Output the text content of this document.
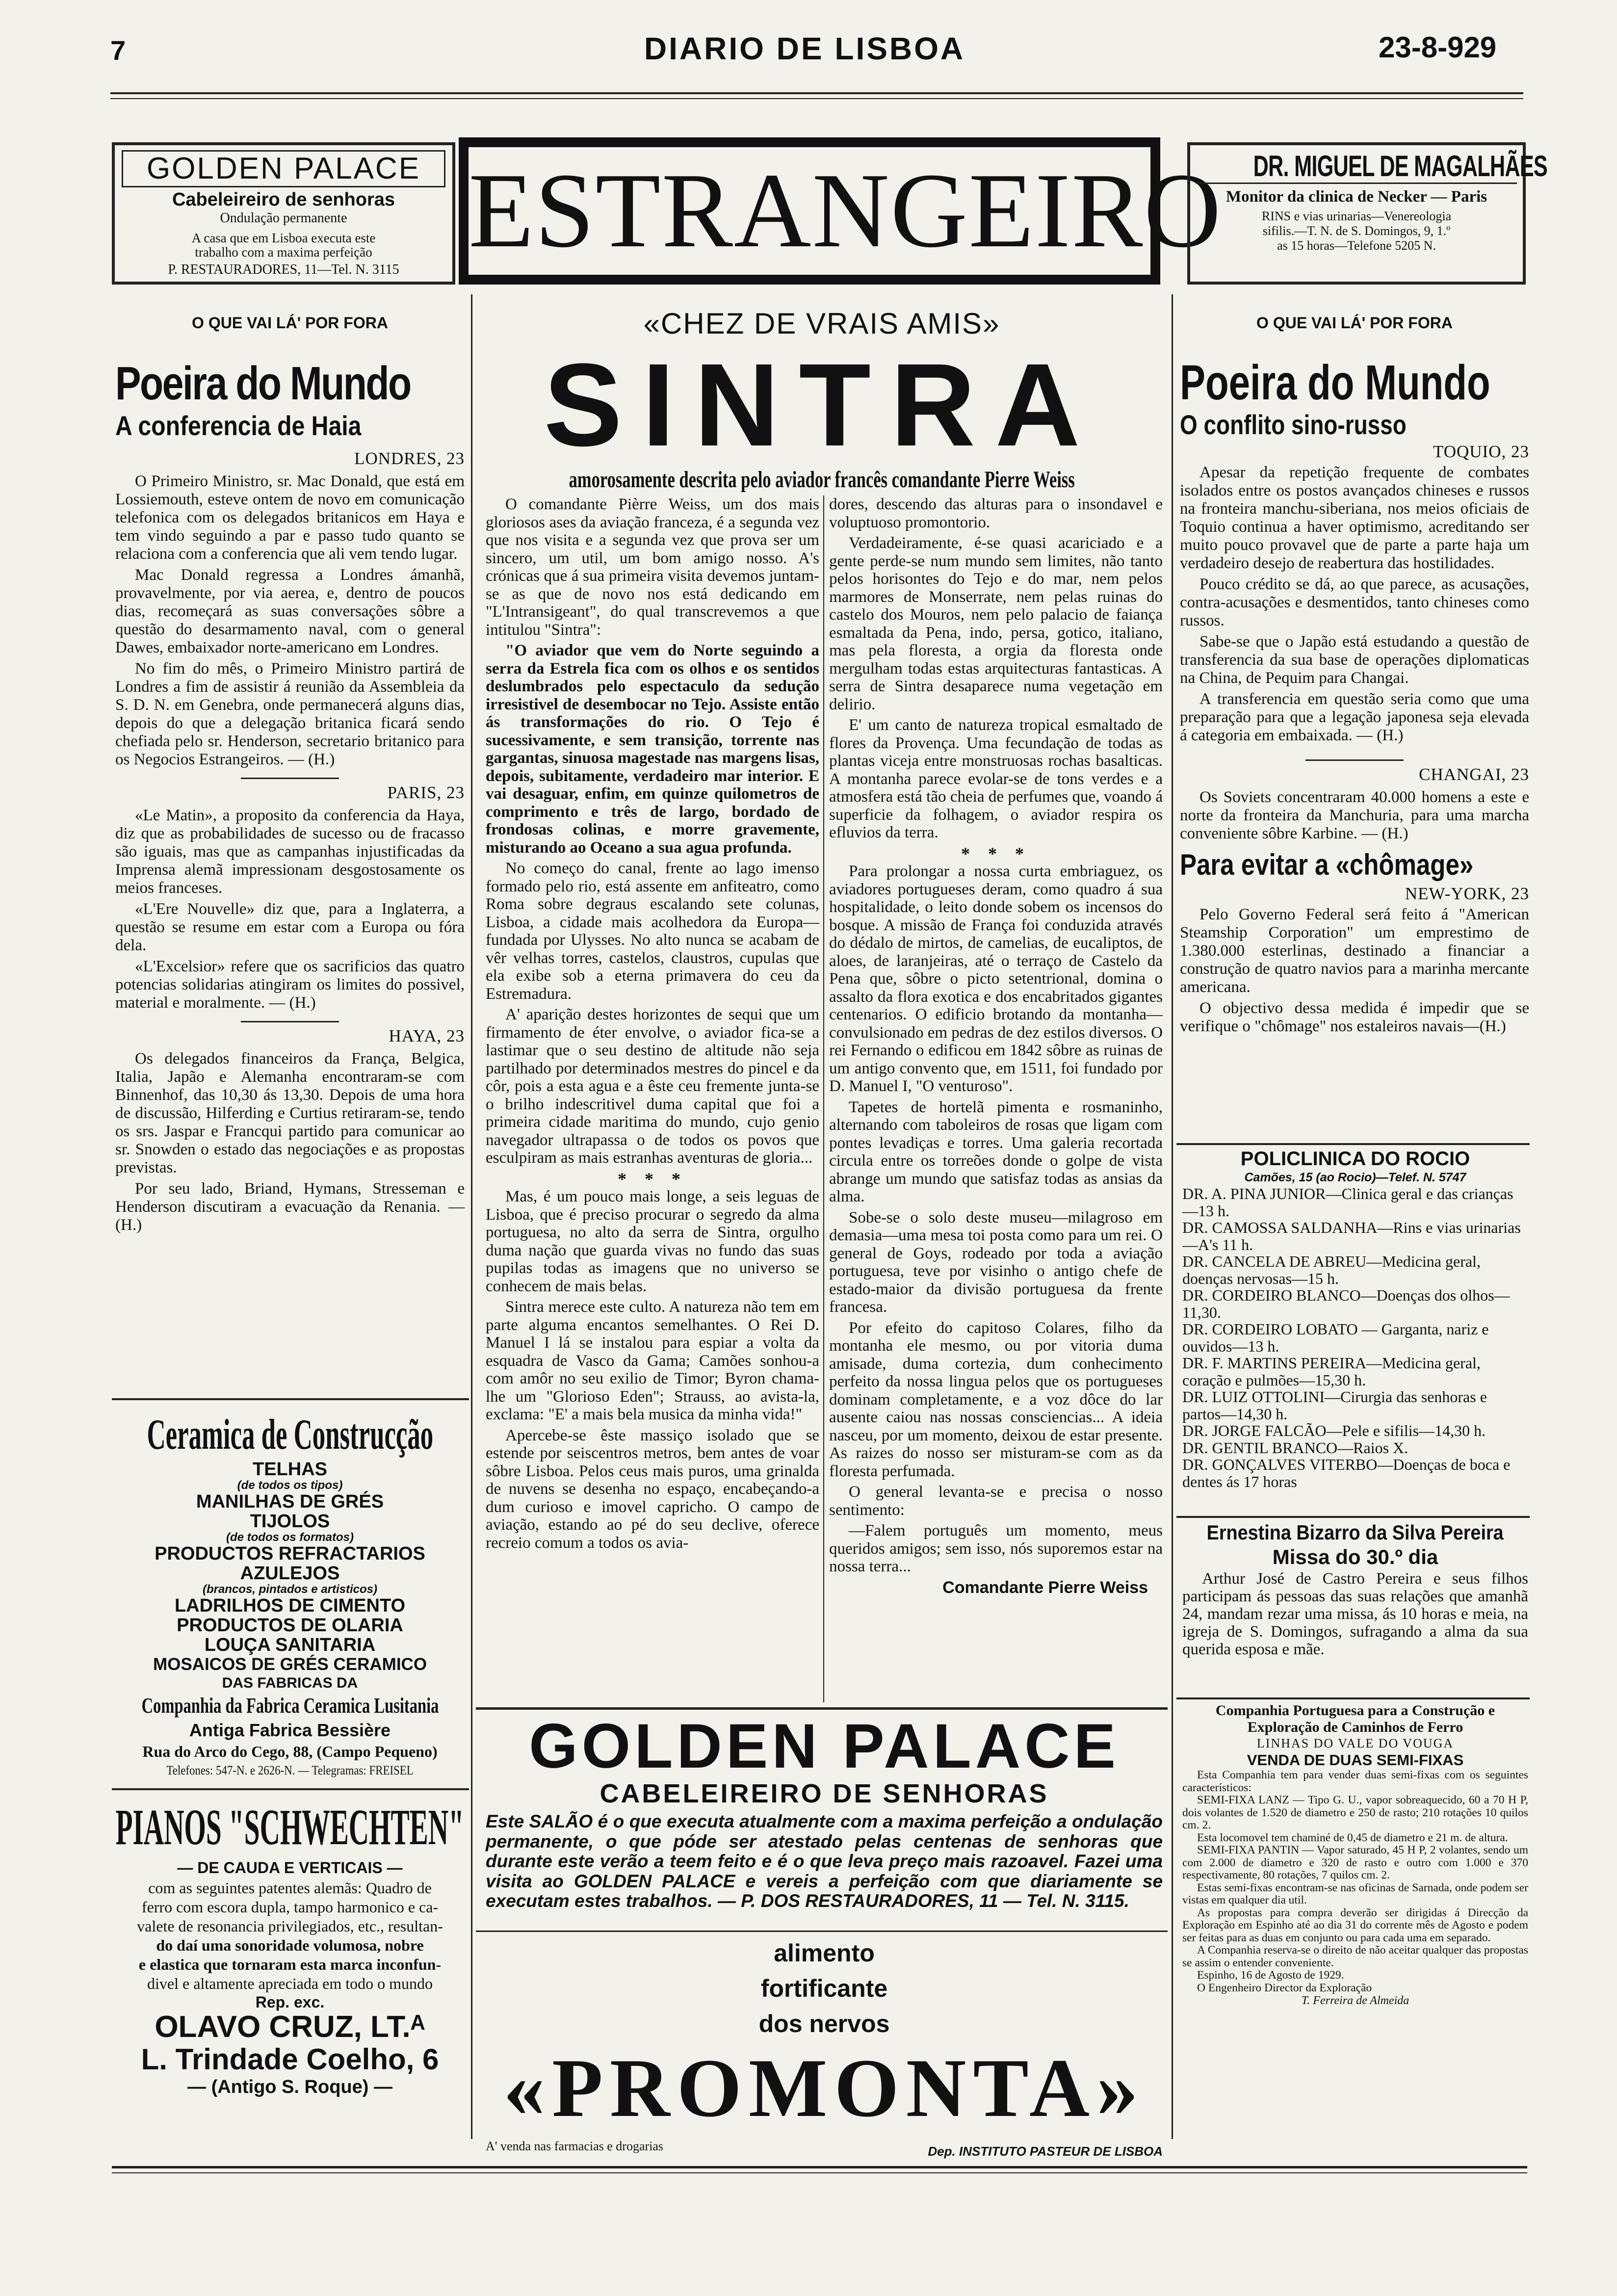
7	DIARIO DE LISBOA	23-8-929
GOLDEN PALACE
Cabeleireiro de senhoras
Ondulação permanente
A casa que em Lisboa executa este
trabalho com a maxima perfeição
P. RESTAURADORES, 11—Tel. N. 3115 ESTRANGEIRO	DR. MIGUEL DE MAGALHÃES
Monitor da clinica de Necker — Paris
RINS e vias urinarias—Venereologia
sifilis.—T. N. de S. Domingos, 9, 1.º
as 15 horas—Telefone 5205 N.
O QUE VAI LÁ' POR FORA
Poeira do Mundo
A conferencia de Haia
LONDRES, 23

O Primeiro Ministro, sr. Mac Donald, que está em Lossiemouth, esteve ontem de novo em comunicação telefonica com os delegados britanicos em Haya e tem vindo seguindo a par e passo tudo quanto se relaciona com a conferencia que ali vem tendo lugar.

Mac Donald regressa a Londres ámanhã, provavelmente, por via aerea, e, dentro de poucos dias, recomeçará as suas conversações sôbre a questão do desarmamento naval, com o general Dawes, embaixador norte-americano em Londres.

No fim do mês, o Primeiro Ministro partirá de Londres a fim de assistir á reunião da Assembleia da S. D. N. em Genebra, onde permanecerá alguns dias, depois do que a delegação britanica ficará sendo chefiada pelo sr. Henderson, secretario britanico para os Negocios Estrangeiros. — (H.)

PARIS, 23

«Le Matin», a proposito da conferencia da Haya, diz que as probabilidades de sucesso ou de fracasso são iguais, mas que as campanhas injustificadas da Imprensa alemã impressionam desgostosamente os meios franceses.

«L'Ere Nouvelle» diz que, para a Inglaterra, a questão se resume em estar com a Europa ou fóra dela.

«L'Excelsior» refere que os sacrificios das quatro potencias solidarias atingiram os limites do possivel, material e moralmente. — (H.)

HAYA, 23

Os delegados financeiros da França, Belgica, Italia, Japão e Alemanha encontraram-se com Binnenhof, das 10,30 ás 13,30. Depois de uma hora de discussão, Hilferding e Curtius retiraram-se, tendo os srs. Jaspar e Francqui partido para comunicar ao sr. Snowden o estado das negociações e as propostas previstas.

Por seu lado, Briand, Hymans, Stresseman e Henderson discutiram a evacuação da Renania. — (H.)

Ceramica de Construcção
TELHAS
(de todos os tipos)
MANILHAS DE GRÉS
TIJOLOS
(de todos os formatos)
PRODUCTOS REFRACTARIOS
AZULEJOS
(brancos, pintados e artisticos)
LADRILHOS DE CIMENTO
PRODUCTOS DE OLARIA
LOUÇA SANITARIA
MOSAICOS DE GRÉS CERAMICO
DAS FABRICAS DA
Companhia da Fabrica Ceramica Lusitania
Antiga Fabrica Bessière
Rua do Arco do Cego, 88, (Campo Pequeno)
Telefones: 547-N. e 2626-N. — Telegramas: FREISEL
PIANOS "SCHWECHTEN"
— DE CAUDA E VERTICAIS —
com as seguintes patentes alemãs: Quadro de
ferro com escora dupla, tampo harmonico e ca-
valete de resonancia privilegiados, etc., resultan-
do daí uma sonoridade volumosa, nobre
e elastica que tornaram esta marca inconfun-
divel e altamente apreciada em todo o mundo
Rep. exc.
OLAVO CRUZ, LT.ᴬ
L. Trindade Coelho, 6
— (Antigo S. Roque) —
«CHEZ DE VRAIS AMIS»
SINTRA
amorosamente descrita pelo aviador francês comandante Pierre Weiss

O comandante Pièrre Weiss, um dos mais gloriosos ases da aviação franceza, é a segunda vez que nos visita e a segunda vez que prova ser um sincero, um util, um bom amigo nosso. A's crónicas que á sua primeira visita devemos juntam-se as que de novo nos está dedicando em "L'Intransigeant", do qual transcrevemos a que intitulou "Sintra":

"O aviador que vem do Norte seguindo a serra da Estrela fica com os olhos e os sentidos deslumbrados pelo espectaculo da sedução irresistivel de desembocar no Tejo. Assiste então ás transformações do rio. O Tejo é sucessivamente, e sem transição, torrente nas gargantas, sinuosa magestade nas margens lisas, depois, subitamente, verdadeiro mar interior. E vai desaguar, enfim, em quinze quilometros de comprimento e três de largo, bordado de frondosas colinas, e morre gravemente, misturando ao Oceano a sua agua profunda.

No começo do canal, frente ao lago imenso formado pelo rio, está assente em anfiteatro, como Roma sobre degraus escalando sete colunas, Lisboa, a cidade mais acolhedora da Europa—fundada por Ulysses. No alto nunca se acabam de vêr velhas torres, castelos, claustros, cupulas que ela exibe sob a eterna primavera do ceu da Estremadura.

A' aparição destes horizontes de sequi que um firmamento de éter envolve, o aviador fica-se a lastimar que o seu destino de altitude não seja partilhado por determinados mestres do pincel e da côr, pois a esta agua e a êste ceu fremente junta-se o brilho indescritivel duma capital que foi a primeira cidade maritima do mundo, cujo genio navegador ultrapassa o de todos os povos que esculpiram as mais estranhas aventuras de gloria...

* * *

Mas, é um pouco mais longe, a seis leguas de Lisboa, que é preciso procurar o segredo da alma portuguesa, no alto da serra de Sintra, orgulho duma nação que guarda vivas no fundo das suas pupilas todas as imagens que no universo se conhecem de mais belas.

Sintra merece este culto. A natureza não tem em parte alguma encantos semelhantes. O Rei D. Manuel I lá se instalou para espiar a volta da esquadra de Vasco da Gama; Camões sonhou-a com amôr no seu exilio de Timor; Byron chama-lhe um "Glorioso Eden"; Strauss, ao avista-la, exclama: "E' a mais bela musica da minha vida!"

Apercebe-se êste massiço isolado que se estende por seiscentros metros, bem antes de voar sôbre Lisboa. Pelos ceus mais puros, uma grinalda de nuvens se desenha no espaço, encabeçando-a dum curioso e imovel capricho. O campo de aviação, estando ao pé do seu declive, oferece recreio comum a todos os avia-

dores, descendo das alturas para o insondavel e voluptuoso promontorio.

Verdadeiramente, é-se quasi acariciado e a gente perde-se num mundo sem limites, não tanto pelos horisontes do Tejo e do mar, nem pelos marmores de Monserrate, nem pelas ruinas do castelo dos Mouros, nem pelo palacio de faiança esmaltada da Pena, indo, persa, gotico, italiano, mas pela floresta, a orgia da floresta onde mergulham todas estas arquitecturas fantasticas. A serra de Sintra desaparece numa vegetação em delirio.

E' um canto de natureza tropical esmaltado de flores da Provença. Uma fecundação de todas as plantas viceja entre monstruosas rochas basalticas. A montanha parece evolar-se de tons verdes e a atmosfera está tão cheia de perfumes que, voando á superficie da folhagem, o aviador respira os efluvios da terra.

* * *

Para prolongar a nossa curta embriaguez, os aviadores portugueses deram, como quadro á sua hospitalidade, o leito donde sobem os incensos do bosque. A missão de França foi conduzida através do dédalo de mirtos, de camelias, de eucaliptos, de aloes, de laranjeiras, até o terraço de Castelo da Pena que, sôbre o picto setentrional, domina o assalto da flora exotica e dos encabritados gigantes centenarios. O edificio brotando da montanha—convulsionado em pedras de dez estilos diversos. O rei Fernando o edificou em 1842 sôbre as ruinas de um antigo convento que, em 1511, foi fundado por D. Manuel I, "O venturoso".

Tapetes de hortelã pimenta e rosmaninho, alternando com taboleiros de rosas que ligam com pontes levadiças e torres. Uma galeria recortada circula entre os torreões donde o golpe de vista abrange um mundo que satisfaz todas as ansias da alma.

Sobe-se o solo deste museu—milagroso em demasia—uma mesa toi posta como para um rei. O general de Goys, rodeado por toda a aviação portuguesa, teve por visinho o antigo chefe de estado-maior da divisão portuguesa da frente francesa.

Por efeito do capitoso Colares, filho da montanha ele mesmo, ou por vitoria duma amisade, duma cortezia, dum conhecimento perfeito da nossa lingua pelos que os portugueses dominam completamente, e a voz dôce do lar ausente caiou nas nossas consciencias... A ideia nasceu, por um momento, deixou de estar presente. As raizes do nosso ser misturam-se com as da floresta perfumada.

O general levanta-se e precisa o nosso sentimento:

—Falem português um momento, meus queridos amigos; sem isso, nós suporemos estar na nossa terra...

Comandante Pierre Weiss
GOLDEN PALACE
CABELEIREIRO DE SENHORAS
Este SALÃO é o que executa atualmente com a maxima perfeição a ondulação permanente, o que póde ser atestado pelas centenas de senhoras que durante este verão a teem feito e é o que leva preço mais razoavel. Fazei uma visita ao GOLDEN PALACE e vereis a perfeição com que diariamente se executam estes trabalhos. — P. DOS RESTAURADORES, 11 — Tel. N. 3115.
alimento
fortificante
dos nervos
«PROMONTA»
A' venda nas farmacias e drogarias	Dep. INSTITUTO PASTEUR DE LISBOA
O QUE VAI LÁ' POR FORA
Poeira do Mundo
O conflito sino-russo
TOQUIO, 23

Apesar da repetição frequente de combates isolados entre os postos avançados chineses e russos na fronteira manchu-siberiana, nos meios oficiais de Toquio continua a haver optimismo, acreditando ser muito pouco provavel que de parte a parte haja um verdadeiro desejo de reabertura das hostilidades.

Pouco crédito se dá, ao que parece, as acusações, contra-acusações e desmentidos, tanto chineses como russos.

Sabe-se que o Japão está estudando a questão de transferencia da sua base de operações diplomaticas na China, de Pequim para Changai.

A transferencia em questão seria como que uma preparação para que a legação japonesa seja elevada á categoria em embaixada. — (H.)

CHANGAI, 23

Os Soviets concentraram 40.000 homens a este e norte da fronteira da Manchuria, para uma marcha conveniente sôbre Karbine. — (H.)

Para evitar a «chômage»
NEW-YORK, 23

Pelo Governo Federal será feito á "American Steamship Corporation" um emprestimo de 1.380.000 esterlinas, destinado a financiar a construção de quatro navios para a marinha mercante americana.

O objectivo dessa medida é impedir que se verifique o "chômage" nos estaleiros navais—(H.)

POLICLINICA DO ROCIO
Camões, 15 (ao Rocio)—Telef. N. 5747
DR. A. PINA JUNIOR—Clinica geral e das crianças—13 h.
DR. CAMOSSA SALDANHA—Rins e vias urinarias—A's 11 h.
DR. CANCELA DE ABREU—Medicina geral, doenças nervosas—15 h.
DR. CORDEIRO BLANCO—Doenças dos olhos—11,30.
DR. CORDEIRO LOBATO — Garganta, nariz e ouvidos—13 h.
DR. F. MARTINS PEREIRA—Medicina geral, coração e pulmões—15,30 h.
DR. LUIZ OTTOLINI—Cirurgia das senhoras e partos—14,30 h.
DR. JORGE FALCÃO—Pele e sifilis—14,30 h.
DR. GENTIL BRANCO—Raios X.
DR. GONÇALVES VITERBO—Doenças de boca e dentes ás 17 horas
Ernestina Bizarro da Silva Pereira
Missa do 30.º dia

Arthur José de Castro Pereira e seus filhos participam ás pessoas das suas relações que amanhã 24, mandam rezar uma missa, ás 10 horas e meia, na igreja de S. Domingos, sufragando a alma da sua querida esposa e mãe.

Companhia Portuguesa para a Construção e Exploração de Caminhos de Ferro
LINHAS DO VALE DO VOUGA
VENDA DE DUAS SEMI-FIXAS

Esta Companhia tem para vender duas semi-fixas com os seguintes característicos:

SEMI-FIXA LANZ — Tipo G. U., vapor sobreaquecido, 60 a 70 H P, dois volantes de 1.520 de diametro e 250 de rasto; 210 rotações 10 quilos cm. 2.

Esta locomovel tem chaminé de 0,45 de diametro e 21 m. de altura.

SEMI-FIXA PANTIN — Vapor saturado, 45 H P, 2 volantes, sendo um com 2.000 de diametro e 320 de rasto e outro com 1.000 e 370 respectivamente, 80 rotações, 7 quilos cm. 2.

Estas semi-fixas encontram-se nas oficinas de Sarnada, onde podem ser vistas em qualquer dia util.

As propostas para compra deverão ser dirigidas á Direcção da Exploração em Espinho até ao dia 31 do corrente mês de Agosto e podem ser feitas para as duas em conjunto ou para cada uma em separado.

A Companhia reserva-se o direito de não aceitar qualquer das propostas se assim o entender conveniente.

Espinho, 16 de Agosto de 1929.

O Engenheiro Director da Exploração

T. Ferreira de Almeida
